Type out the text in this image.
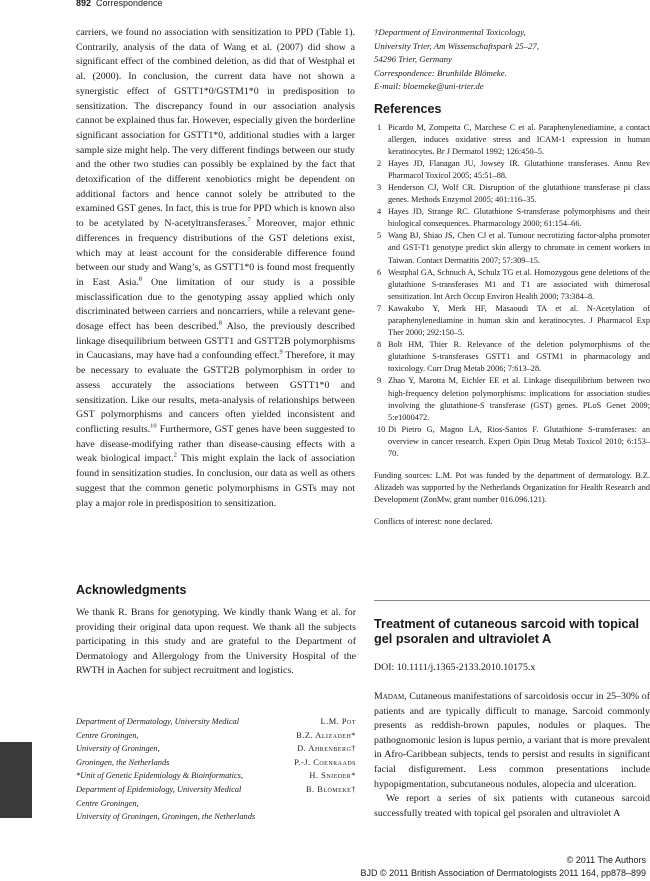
892 Correspondence

carriers, we found no association with sensitization to PPD (Table 1). Contrarily, analysis of the data of Wang et al. (2007) did show a significant effect of the combined deletion, as did that of Westphal et al. (2000). In conclusion, the current data have not shown a synergistic effect of GSTT1*0/GSTM1*0 in predisposition to sensitization. The discrepancy found in our association analysis cannot be explained thus far. However, especially given the borderline significant association for GSTT1*0, additional studies with a larger sample size might help. The very different findings between our study and the other two studies can possibly be explained by the fact that detoxification of the different xenobiotics might be dependent on additional factors and hence cannot solely be attributed to the examined GST genes. In fact, this is true for PPD which is known also to be acetylated by N-acetyltransferases.$^7$ Moreover, major ethnic differences in frequency distributions of the GST deletions exist, which may at least account for the considerable difference found between our study and Wang’s, as GSTT1*0 is found most frequently in East Asia.$^8$ One limitation of our study is a possible misclassification due to the genotyping assay applied which only discriminated between carriers and noncarriers, while a relevant gene-dosage effect has been described.$^8$ Also, the previously described linkage disequilibrium between GSTT1 and GSTT2B polymorphisms in Caucasians, may have had a confounding effect.$^9$ Therefore, it may be necessary to evaluate the GSTT2B polymorphism in order to assess accurately the associations between GSTT1*0 and sensitization. Like our results, meta-analysis of relationships between GST polymorphisms and cancers often yielded inconsistent and conflicting results.$^{10}$ Furthermore, GST genes have been suggested to have disease-modifying rather than disease-causing effects with a weak biological impact.$^2$ This might explain the lack of association found in sensitization studies. In conclusion, our data as well as others suggest that the common genetic polymorphisms in GSTs may not play a major role in predisposition to sensitization.

Acknowledgments

We thank R. Brans for genotyping. We kindly thank Wang et al. for providing their original data upon request. We thank all the subjects participating in this study and are grateful to the Department of Dermatology and Allergology from the University Hospital of the RWTH in Aachen for subject recruitment and logistics.

Department of Dermatology, University Medical	L.M. Pot
Centre Groningen,	B.Z. Alizadeh*
University of Groningen,	D. Ahrenberg†
Groningen, the Netherlands	P.-J. Coenraads
*Unit of Genetic Epidemiology & Bioinformatics,	H. Snieder*
Department of Epidemiology, University Medical	B. Blömeke†
Centre Groningen,
University of Groningen, Groningen, the Netherlands
†Department of Environmental Toxicology,
University Trier, Am Wissenschaftspark 25–27,
54296 Trier, Germany
Correspondence: Brunhilde Blömeke.
E-mail: bloemeke@uni-trier.de
References
1 Picardo M, Zompetta C, Marchese C et al. Paraphenylenediamine, a contact allergen, induces oxidative stress and ICAM-1 expression in human keratinocytes. Br J Dermatol 1992; 126:450–5.
2 Hayes JD, Flanagan JU, Jowsey IR. Glutathione transferases. Annu Rev Pharmacol Toxicol 2005; 45:51–88.
3 Henderson CJ, Wolf CR. Disruption of the glutathione transferase pi class genes. Methods Enzymol 2005; 401:116–35.
4 Hayes JD, Strange RC. Glutathione S-transferase polymorphisms and their biological consequences. Pharmacology 2000; 61:154–66.
5 Wang BJ, Shiao JS, Chen CJ et al. Tumour necrotizing factor-alpha promoter and GST-T1 genotype predict skin allergy to chromate in cement workers in Taiwan. Contact Dermatitis 2007; 57:309–15.
6 Westphal GA, Schnuch A, Schulz TG et al. Homozygous gene deletions of the glutathione S-transferases M1 and T1 are associated with thimerosal sensitization. Int Arch Occup Environ Health 2000; 73:384–8.
7 Kawakubo Y, Merk HF, Masaoudi TA et al. N-Acetylation of paraphenylenediamine in human skin and keratinocytes. J Pharmacol Exp Ther 2000; 292:150–5.
8 Bolt HM, Thier R. Relevance of the deletion polymorphisms of the glutathione S-transferases GSTT1 and GSTM1 in pharmacology and toxicology. Curr Drug Metab 2006; 7:613–28.
9 Zhao Y, Marotta M, Eichler EE et al. Linkage disequilibrium between two high-frequency deletion polymorphisms: implications for association studies involving the glutathione-S transferase (GST) genes. PLoS Genet 2009; 5:e1000472.
10 Di Pietro G, Magno LA, Rios-Santos F. Glutathione S-transferases: an overview in cancer research. Expert Opin Drug Metab Toxicol 2010; 6:153–70.

Funding sources: L.M. Pot was funded by the department of dermatology. B.Z. Alizadeh was supported by the Netherlands Organization for Health Research and Development (ZonMw, grant number 016.096.121).

Conflicts of interest: none declared.

Treatment of cutaneous sarcoid with topical gel psoralen and ultraviolet A
DOI: 10.1111/j.1365-2133.2010.10175.x

Madam, Cutaneous manifestations of sarcoidosis occur in 25–30% of patients and are typically difficult to manage. Sarcoid commonly presents as reddish-brown papules, nodules or plaques. The pathognomonic lesion is lupus pernio, a variant that is more prevalent in Afro-Caribbean subjects, tends to persist and results in significant facial disfigurement. Less common presentations include hypopigmentation, subcutaneous nodules, alopecia and ulceration.

We report a series of six patients with cutaneous sarcoid successfully treated with topical gel psoralen and ultraviolet A

© 2011 The Authors
BJD © 2011 British Association of Dermatologists 2011 164, pp878–899
